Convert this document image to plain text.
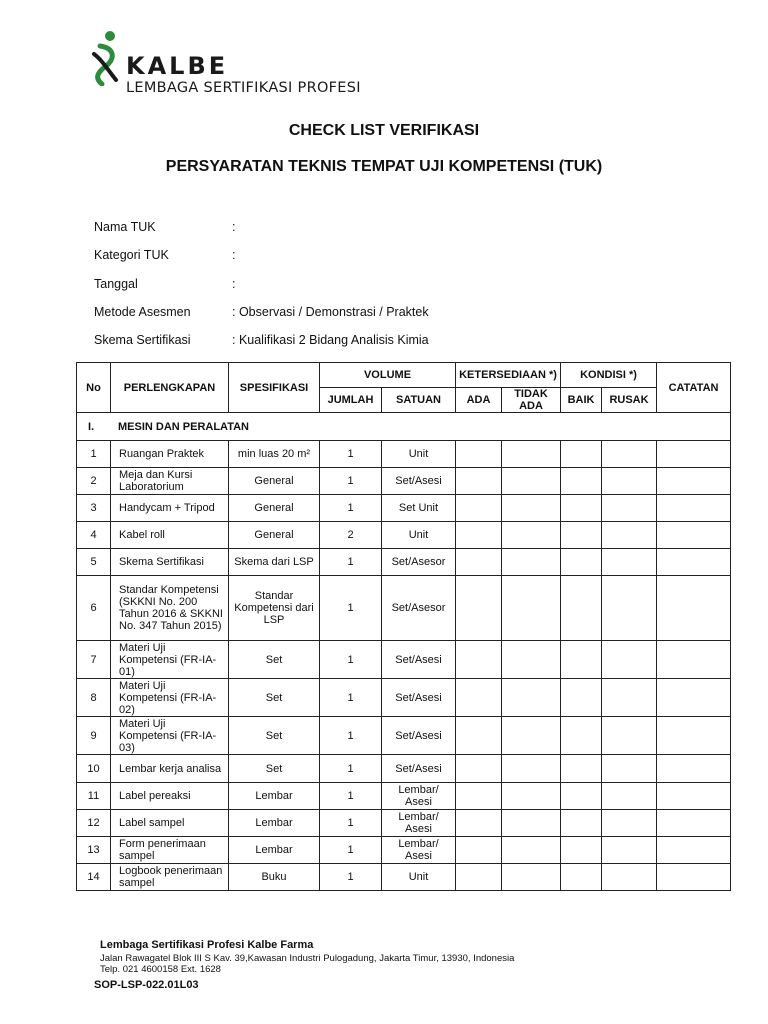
KALBE
LEMBAGA SERTIFIKASI PROFESI
CHECK LIST VERIFIKASI
PERSYARATAN TEKNIS TEMPAT UJI KOMPETENSI (TUK)
Nama TUK	:
Kategori TUK	:
Tanggal	:
Metode Asesmen	: Observasi / Demonstrasi / Praktek
Skema Sertifikasi	: Kualifikasi 2 Bidang Analisis Kimia
No	PERLENGKAPAN	SPESIFIKASI	VOLUME		KETERSEDIAAN *)		KONDISI *)		CATATAN
			JUMLAH	SATUAN	ADA	TIDAK ADA	BAIK	RUSAK	
I. MESIN DAN PERALATAN									
1	Ruangan Praktek	min luas 20 m²	1	Unit					
2	Meja dan Kursi Laboratorium	General	1	Set/Asesi					
3	Handycam + Tripod	General	1	Set Unit					
4	Kabel roll	General	2	Unit					
5	Skema Sertifikasi	Skema dari LSP	1	Set/Asesor					
6	Standar Kompetensi (SKKNI No. 200 Tahun 2016 & SKKNI No. 347 Tahun 2015)	Standar Kompetensi dari LSP	1	Set/Asesor					
7	Materi Uji Kompetensi (FR-IA-01)	Set	1	Set/Asesi					
8	Materi Uji Kompetensi (FR-IA-02)	Set	1	Set/Asesi					
9	Materi Uji Kompetensi (FR-IA-03)	Set	1	Set/Asesi					
10	Lembar kerja analisa	Set	1	Set/Asesi					
11	Label pereaksi	Lembar	1	Lembar/ Asesi					
12	Label sampel	Lembar	1	Lembar/ Asesi					
13	Form penerimaan sampel	Lembar	1	Lembar/ Asesi					
14	Logbook penerimaan sampel	Buku	1	Unit					
Lembaga Sertifikasi Profesi Kalbe Farma
Jalan Rawagatel Blok III S Kav. 39,Kawasan Industri Pulogadung, Jakarta Timur, 13930, Indonesia
Telp. 021 4600158 Ext. 1628
SOP-LSP-022.01L03
